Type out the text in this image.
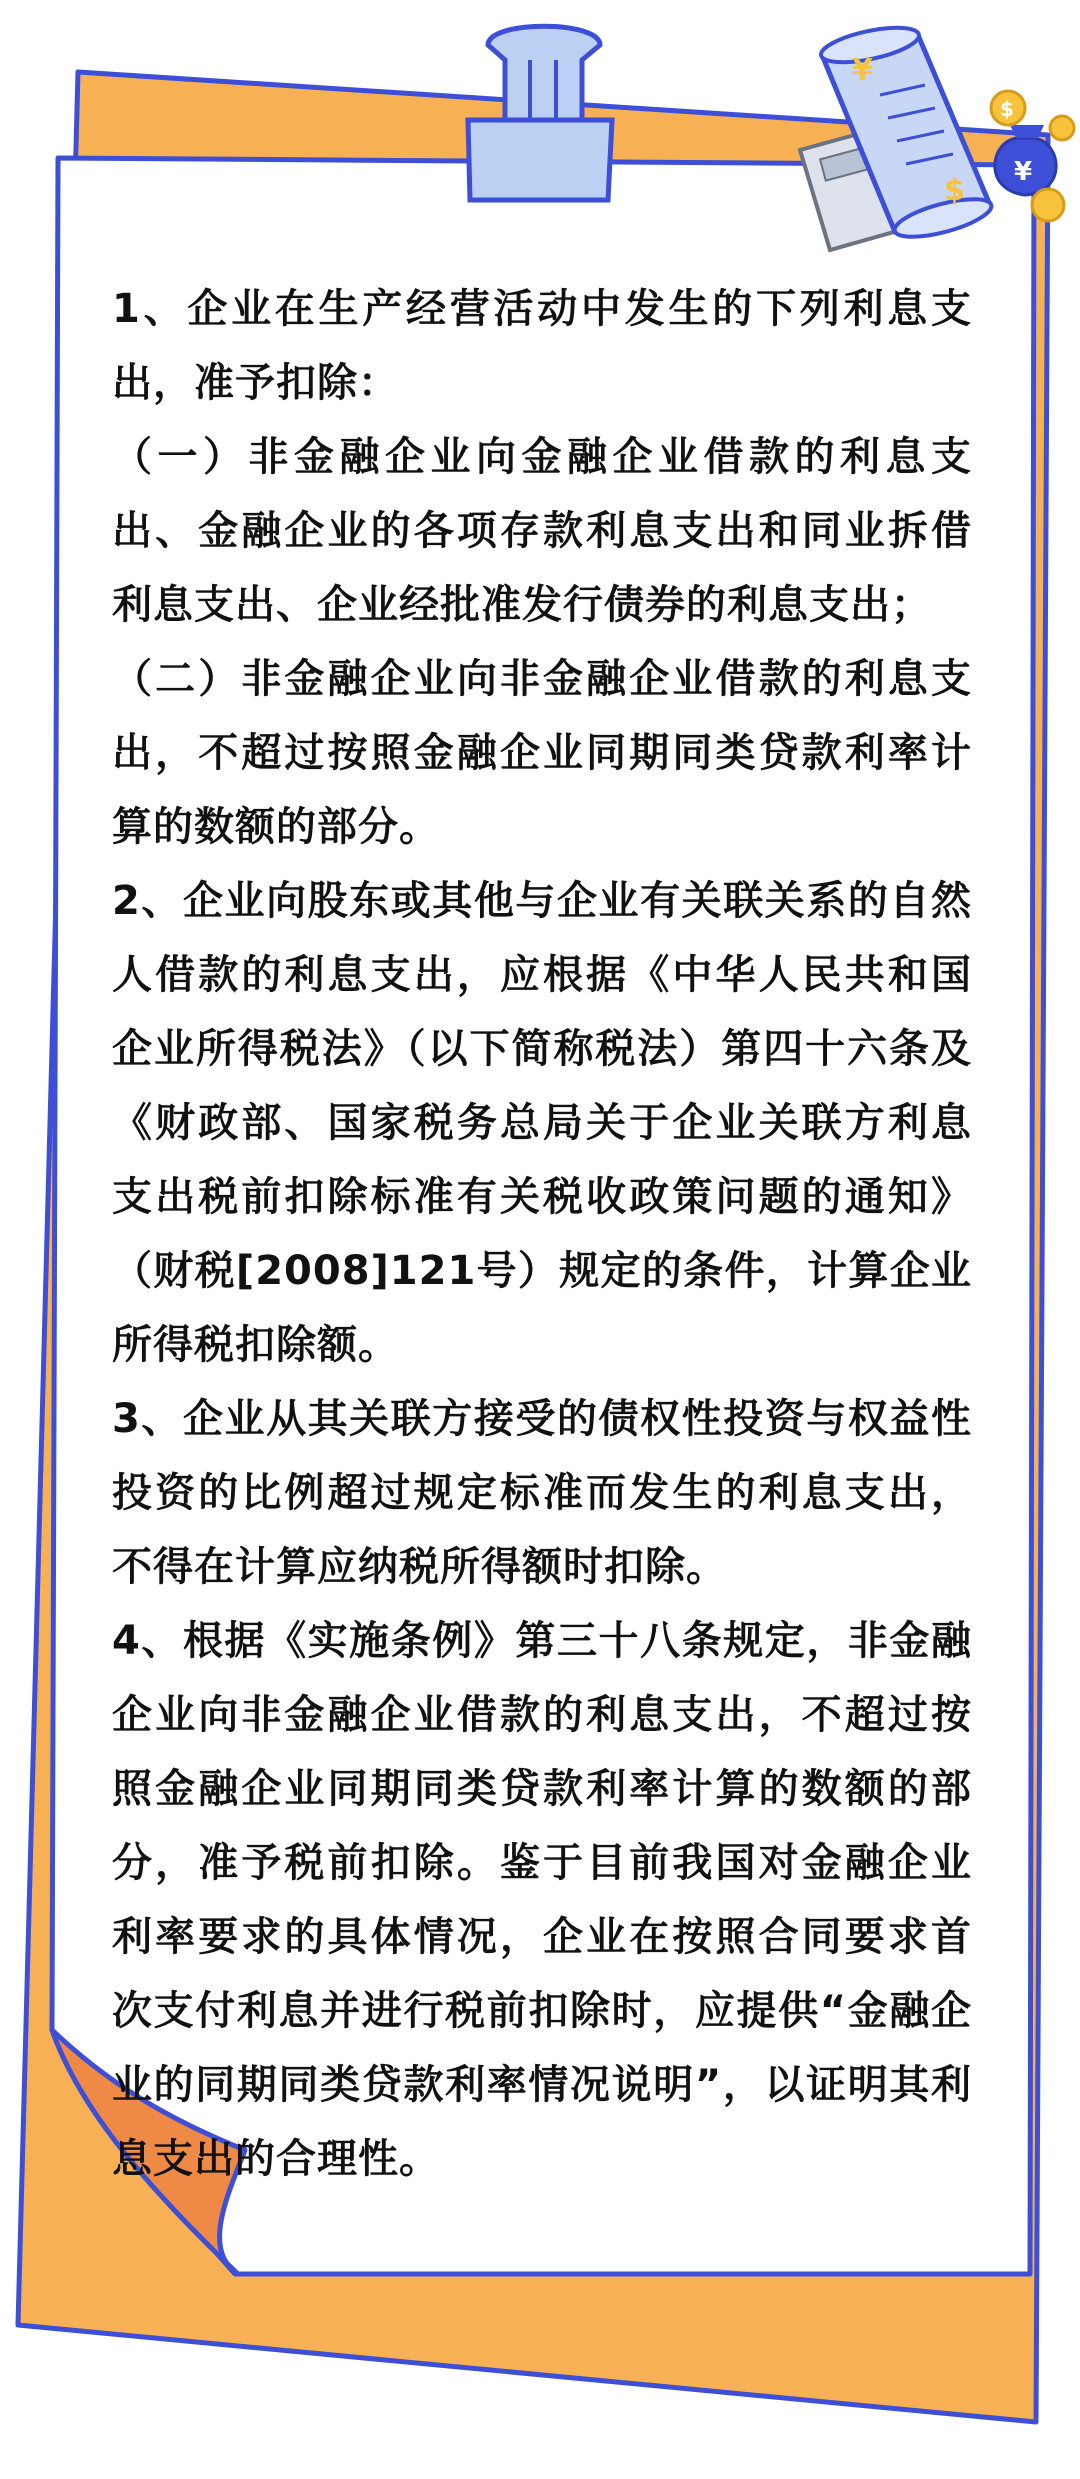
¥
$
¥
$

1、企业在生产经营活动中发生的下列利息支出，准予扣除：

（一）非金融企业向金融企业借款的利息支出、金融企业的各项存款利息支出和同业拆借利息支出、企业经批准发行债券的利息支出；

（二）非金融企业向非金融企业借款的利息支出，不超过按照金融企业同期同类贷款利率计算的数额的部分。

2、企业向股东或其他与企业有关联关系的自然人借款的利息支出，应根据《中华人民共和国企业所得税法》（以下简称税法）第四十六条及《财政部、国家税务总局关于企业关联方利息支出税前扣除标准有关税收政策问题的通知》（财税[2008]121号）规定的条件，计算企业所得税扣除额。

3、企业从其关联方接受的债权性投资与权益性投资的比例超过规定标准而发生的利息支出，不得在计算应纳税所得额时扣除。

4、根据《实施条例》第三十八条规定，非金融企业向非金融企业借款的利息支出，不超过按照金融企业同期同类贷款利率计算的数额的部分，准予税前扣除。鉴于目前我国对金融企业利率要求的具体情况，企业在按照合同要求首次支付利息并进行税前扣除时，应提供“金融企业的同期同类贷款利率情况说明”，以证明其利息支出的合理性。
